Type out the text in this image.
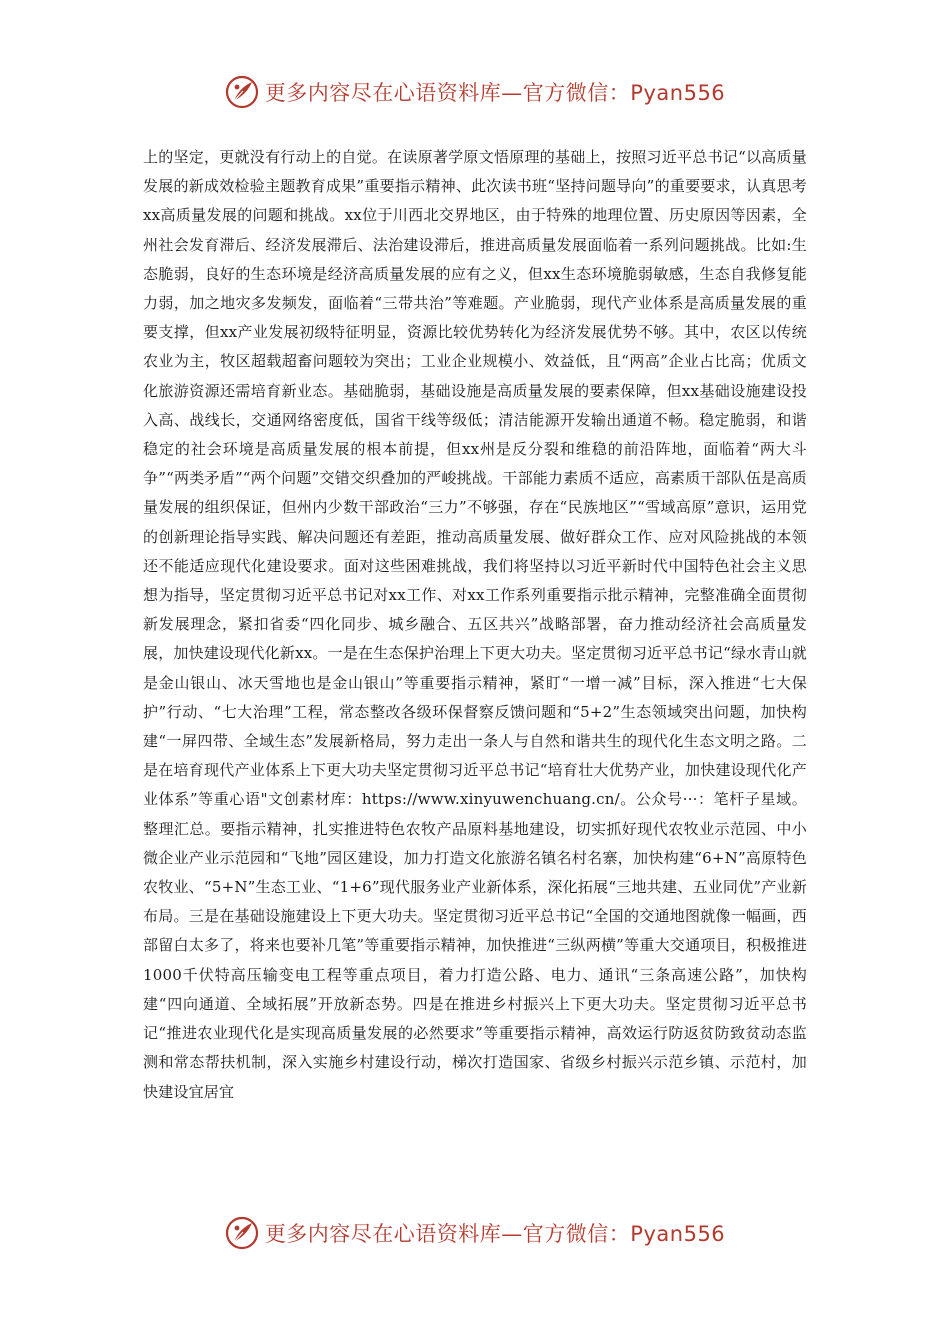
更多内容尽在心语资料库—官方微信：Pyan556

上的坚定，更就没有行动上的自觉。在读原著学原文悟原理的基础上，按照习近平总书记“以高质量发展的新成效检验主题教育成果”重要指示精神、此次读书班“坚持问题导向”的重要要求，认真思考xx高质量发展的问题和挑战。xx位于川西北交界地区，由于特殊的地理位置、历史原因等因素，全州社会发育滞后、经济发展滞后、法治建设滞后，推进高质量发展面临着一系列问题挑战。比如:生态脆弱，良好的生态环境是经济高质量发展的应有之义，但xx生态环境脆弱敏感，生态自我修复能力弱，加之地灾多发频发，面临着“三带共治”等难题。产业脆弱，现代产业体系是高质量发展的重要支撑，但xx产业发展初级特征明显，资源比较优势转化为经济发展优势不够。其中，农区以传统农业为主，牧区超载超畜问题较为突出；工业企业规模小、效益低，且“两高”企业占比高；优质文化旅游资源还需培育新业态。基础脆弱，基础设施是高质量发展的要素保障，但xx基础设施建设投入高、战线长，交通网络密度低，国省干线等级低；清洁能源开发输出通道不畅。稳定脆弱，和谐稳定的社会环境是高质量发展的根本前提，但xx州是反分裂和维稳的前沿阵地，面临着“两大斗争”“两类矛盾”“两个问题”交错交织叠加的严峻挑战。干部能力素质不适应，高素质干部队伍是高质量发展的组织保证，但州内少数干部政治“三力”不够强，存在“民族地区”“雪域高原”意识，运用党的创新理论指导实践、解决问题还有差距，推动高质量发展、做好群众工作、应对风险挑战的本领还不能适应现代化建设要求。面对这些困难挑战，我们将坚持以习近平新时代中国特色社会主义思想为指导，坚定贯彻习近平总书记对xx工作、对xx工作系列重要指示批示精神，完整准确全面贯彻新发展理念，紧扣省委“四化同步、城乡融合、五区共兴”战略部署，奋力推动经济社会高质量发展，加快建设现代化新xx。一是在生态保护治理上下更大功夫。坚定贯彻习近平总书记“绿水青山就是金山银山、冰天雪地也是金山银山”等重要指示精神，紧盯“一增一减”目标，深入推进“七大保护”行动、“七大治理”工程，常态整改各级环保督察反馈问题和“5+2”生态领域突出问题，加快构建“一屏四带、全域生态”发展新格局，努力走出一条人与自然和谐共生的现代化生态文明之路。二是在培育现代产业体系上下更大功夫坚定贯彻习近平总书记“培育壮大优势产业，加快建设现代化产业体系”等重心语"文创素材库：https://www.xinyuwenchuang.cn/。公众号···：笔杆子星域。整理汇总。要指示精神，扎实推进特色农牧产品原料基地建设，切实抓好现代农牧业示范园、中小微企业产业示范园和“飞地”园区建设，加力打造文化旅游名镇名村名寨，加快构建“6+N”高原特色农牧业、“5+N”生态工业、“1+6”现代服务业产业新体系，深化拓展“三地共建、五业同优”产业新布局。三是在基础设施建设上下更大功夫。坚定贯彻习近平总书记“全国的交通地图就像一幅画，西部留白太多了，将来也要补几笔”等重要指示精神，加快推进“三纵两横”等重大交通项目，积极推进1000千伏特高压输变电工程等重点项目，着力打造公路、电力、通讯“三条高速公路”，加快构建“四向通道、全域拓展”开放新态势。四是在推进乡村振兴上下更大功夫。坚定贯彻习近平总书记“推进农业现代化是实现高质量发展的必然要求”等重要指示精神，高效运行防返贫防致贫动态监测和常态帮扶机制，深入实施乡村建设行动，梯次打造国家、省级乡村振兴示范乡镇、示范村，加快建设宜居宜

更多内容尽在心语资料库—官方微信：Pyan556
